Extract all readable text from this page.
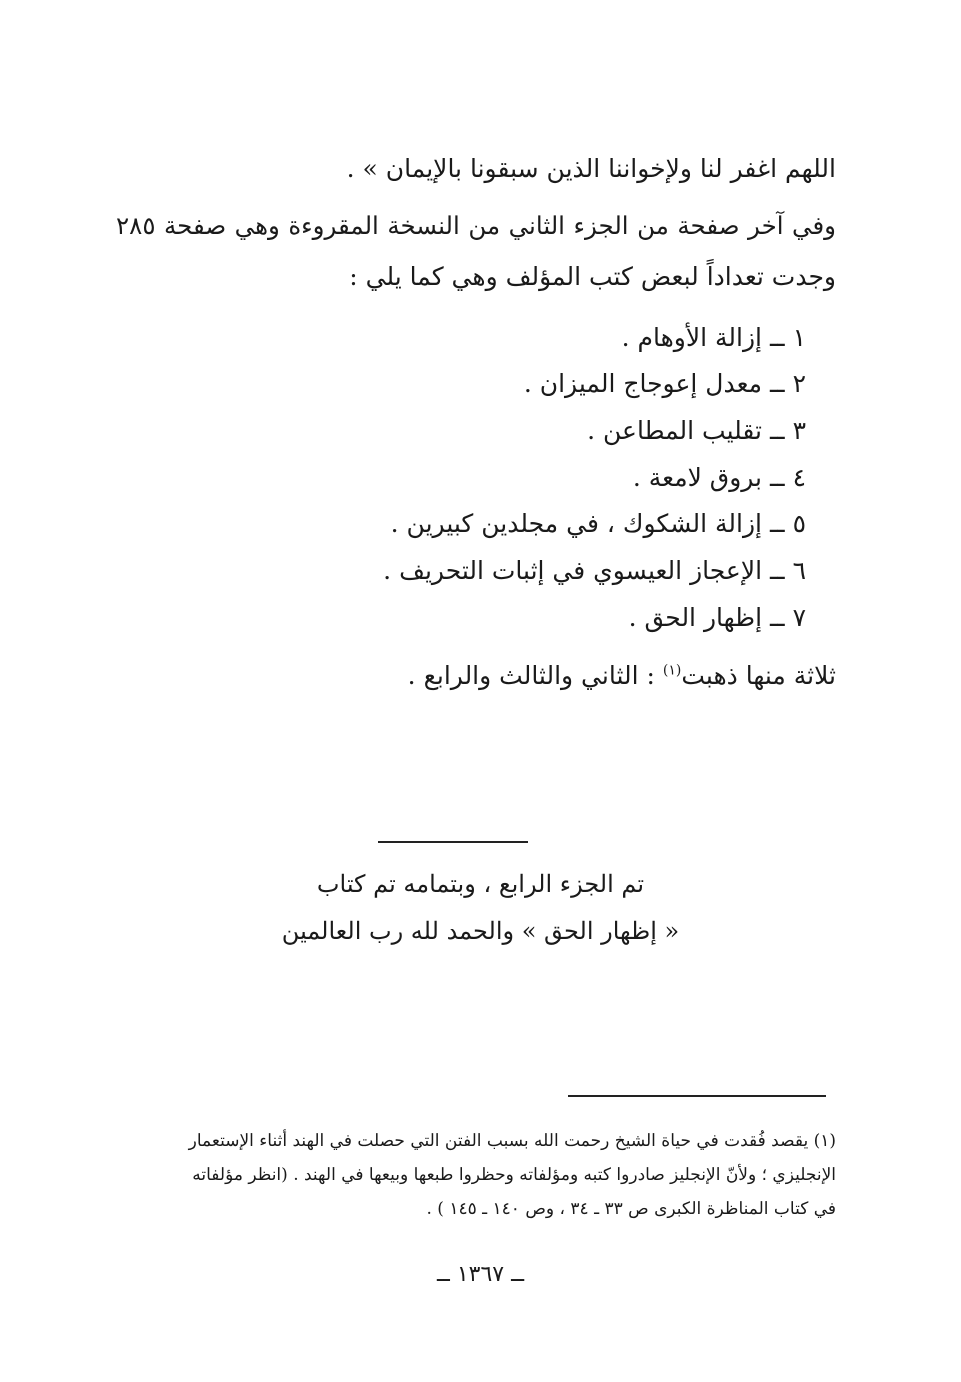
اللهم اغفر لنا ولإخواننا الذين سبقونا بالإيمان » .
وفي آخر صفحة من الجزء الثاني من النسخة المقروءة وهي صفحة ٢٨٥
وجدت تعداداً لبعض كتب المؤلف وهي كما يلي :
١ ــ إزالة الأوهام .
٢ ــ معدل إعوجاج الميزان .
٣ ــ تقليب المطاعن .
٤ ــ بروق لامعة .
٥ ــ إزالة الشكوك ، في مجلدين كبيرين .
٦ ــ الإعجاز العيسوي في إثبات التحريف .
٧ ــ إظهار الحق .
ثلاثة منها ذهبت$^{(١)}$ : الثاني والثالث والرابع .
تم الجزء الرابع ، وبتمامه تم كتاب
« إظهار الحق » والحمد لله رب العالمين
(١) يقصد فُقدت في حياة الشيخ رحمت الله بسبب الفتن التي حصلت في الهند أثناء الإستعمار
الإنجليزي ؛ ولأنّ الإنجليز صادروا كتبه ومؤلفاته وحظروا طبعها وبيعها في الهند . (انظر مؤلفاته
في كتاب المناظرة الكبرى ص ٣٣ ـ ٣٤ ، وص ١٤٠ ـ ١٤٥ ) .
ــ ١٣٦٧ ــ
